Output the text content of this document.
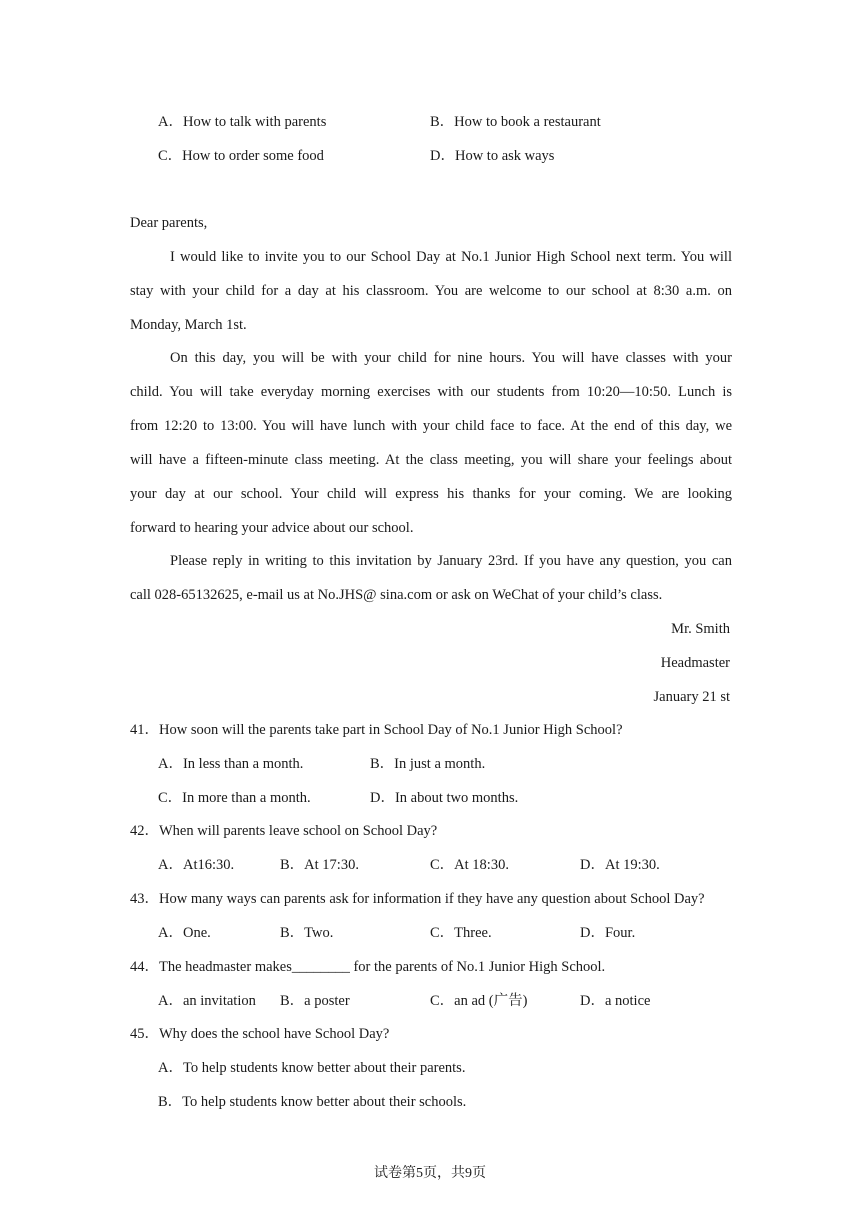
A．How to talk with parents	B．How to book a restaurant
C．How to order some food	D．How to ask ways
Dear parents,
I would like to invite you to our School Day at No.1 Junior High School next term. You will
stay with your child for a day at his classroom. You are welcome to our school at 8:30 a.m. on
Monday, March 1st.
On this day, you will be with your child for nine hours. You will have classes with your
child. You will take everyday morning exercises with our students from 10:20—10:50. Lunch is
from 12:20 to 13:00. You will have lunch with your child face to face. At the end of this day, we
will have a fifteen-minute class meeting. At the class meeting, you will share your feelings about
your day at our school. Your child will express his thanks for your coming. We are looking
forward to hearing your advice about our school.
Please reply in writing to this invitation by January 23rd. If you have any question, you can
call 028-65132625, e-mail us at No.JHS@ sina.com or ask on WeChat of your child’s class.
Mr. Smith
Headmaster
January 21 st
41．How soon will the parents take part in School Day of No.1 Junior High School?
A．In less than a month.	B．In just a month.
C．In more than a month.	D．In about two months.
42．When will parents leave school on School Day?
A．At16:30.	B．At 17:30.	C．At 18:30.	D．At 19:30.
43．How many ways can parents ask for information if they have any question about School Day?
A．One.	B．Two.	C．Three.	D．Four.
44．The headmaster makes________ for the parents of No.1 Junior High School.
A．an invitation B．a poster	C．an ad (广告)	D．a notice
45．Why does the school have School Day?
A．To help students know better about their parents.
B．To help students know better about their schools.
试卷第5页，共9页
